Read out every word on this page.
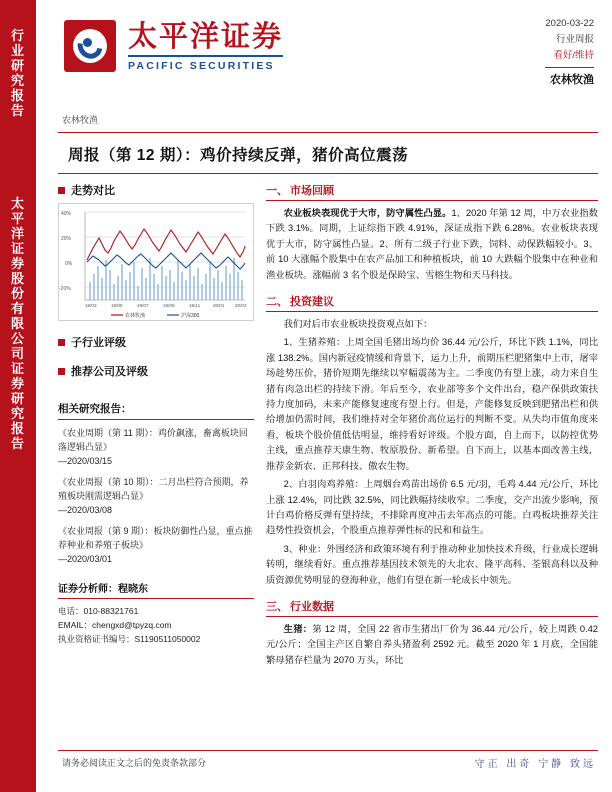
行
业
研
究
报
告
太
平
洋
证
券
股
份
有
限
公
司
证
券
研
究
报
告
太平洋证券
PACIFIC SECURITIES
2020-03-22
行业周报
看好/维持
农林牧渔
农林牧渔
周报（第 12 期）：鸡价持续反弹，猪价高位震荡
走势对比
40%
20%
0%
-20%
19/03	19/05	19/07	19/09	19/11	20/01 20/03
农林牧渔	沪深300
子行业评级
推荐公司及评级
相关研究报告：
《农业周期（第 11 期）：鸡价飙涨，畜禽板块回落逻辑凸显》
—2020/03/15
《农业周报（第 10 期）：二月出栏符合预期，养殖板块刚需逻辑凸显》
—2020/03/08
《农业周报（第 9 期）：板块防御性凸显，重点推荐种业和养殖子板块》
—2020/03/01
证券分析师：程晓东
电话：010-88321761
EMAIL：chengxd@tpyzq.com
执业资格证书编号：S1190511050002
一、 市场回顾

农业板块表现优于大市，防守属性凸显。1、2020 年第 12 周，中万农业指数下跌 3.1%。同期，上证综指下跌 4.91%，深证成指下跌 6.28%。农业板块表现优于大市，防守属性凸显。2、所有二级子行业下跌，饲料、动保跌幅较小。3、前 10 大涨幅个股集中在农产品加工和种植板块，前 10 大跌幅个股集中在种业和渔业板块。涨幅前 3 名个股是保龄宝、雪榕生物和天马科技。

二、 投资建议

我们对后市农业板块投资观点如下：

1、生猪养殖：上周全国毛猪出场均价 36.44 元/公斤，环比下跌 1.1%，同比涨 138.2%。国内新冠疫情缓和背景下，运力上升，前期压栏肥猪集中上市，屠宰场趁势压价，猪价短期先继续以窄幅震荡为主。二季度仍有望上涨，动力来自生猪有肉急出栏的持续下滑。年后至今，农业部等多个文件出台，稳产保供政策扶持力度加码，未来产能修复速度有望上行。但是，产能修复反映到肥猪出栏和供给增加仍需时间，我们维持对全年猪价高位运行的判断不变。从失均市值角度来看，板块个股价值低估明显，维持看好评级。个股方面，自上而下，以防控优势主线，重点推荐天康生物、牧原股份、新希望。自下而上，以基本面改善主线，推荐金新农、正邦科技、傲农生物。

2、白羽肉鸡养殖：上周烟台鸡苗出场价 6.5 元/羽，毛鸡 4.44 元/公斤，环比上涨 12.4%，同比跌 32.5%，同比跌幅持续收窄。二季度，交产出流少影响，预计白鸡价格反弹有望持续，不排除再度冲击去年高点的可能。白鸡板块推荐关注趋势性投资机会，个股重点推荐弹性标的民和和益生。

3、种业：外围经济和政策环境有利于推动种业加快技术升级，行业成长逻辑转明，继续看好。重点推荐基因技术领先的大北农、隆平高科、荃银高科以及种质资源优势明显的登海种业，他们有望在新一轮成长中领先。

三、 行业数据

生猪：第 12 周，全国 22 省市生猪出厂价为 36.44 元/公斤，较上周跌 0.42 元/公斤；全国主产区自繁自养头猪盈利 2592 元。截至 2020 年 1 月底，全国能繁母猪存栏量为 2070 万头，环比

请务必阅读正文之后的免责条款部分	守正 出奇 宁静 致远
